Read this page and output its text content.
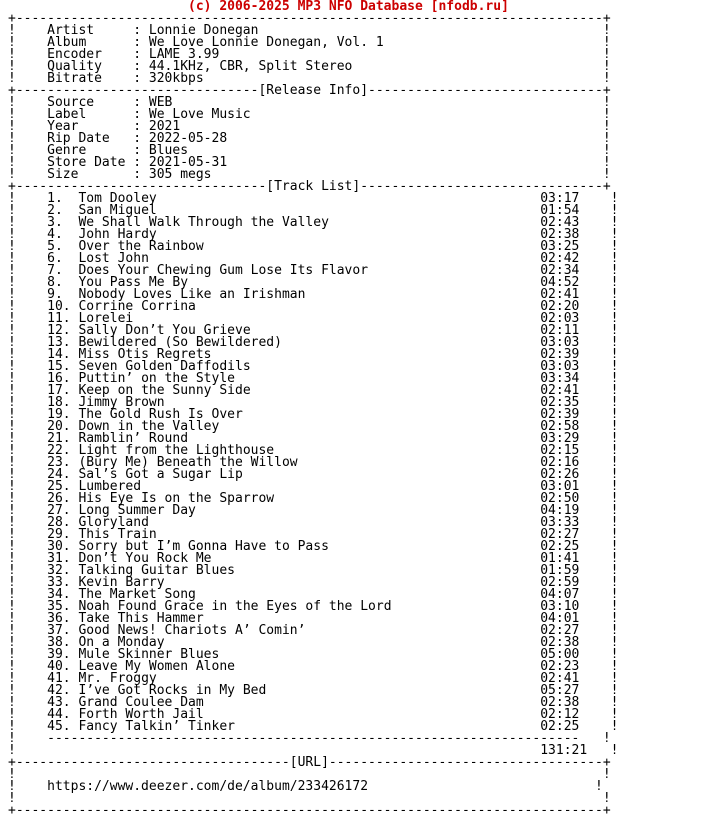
(c) 2006-2025 MP3 NFO Database [nfodb.ru]
+---------------------------------------------------------------------------+
!    Artist     : Lonnie Donegan                                            !
!    Album      : We Love Lonnie Donegan, Vol. 1                            !
!    Encoder    : LAME 3.99                                                 !
!    Quality    : 44.1KHz, CBR, Split Stereo                                !
!    Bitrate    : 320kbps                                                   !
+-------------------------------[Release Info]------------------------------+
!    Source     : WEB                                                       !
!    Label      : We Love Music                                             !
!    Year       : 2021                                                      !
!    Rip Date   : 2022-05-28                                                !
!    Genre      : Blues                                                     !
!    Store Date : 2021-05-31                                                !
!    Size       : 305 megs                                                  !
+--------------------------------[Track List]-------------------------------+
!    1.  Tom Dooley                                                 03:17    !
!    2.  San Miguel                                                 01:54    !
!    3.  We Shall Walk Through the Valley                           02:43    !
!    4.  John Hardy                                                 02:38    !
!    5.  Over the Rainbow                                           03:25    !
!    6.  Lost John                                                  02:42    !
!    7.  Does Your Chewing Gum Lose Its Flavor                      02:34    !
!    8.  You Pass Me By                                             04:52    !
!    9.  Nobody Loves Like an Irishman                              02:41    !
!    10. Corrine Corrina                                            02:20    !
!    11. Lorelei                                                    02:03    !
!    12. Sally Don’t You Grieve                                     02:11    !
!    13. Bewildered (So Bewildered)                                 03:03    !
!    14. Miss Otis Regrets                                          02:39    !
!    15. Seven Golden Daffodils                                     03:03    !
!    16. Puttin’ on the Style                                       03:34    !
!    17. Keep on the Sunny Side                                     02:41    !
!    18. Jimmy Brown                                                02:35    !
!    19. The Gold Rush Is Over                                      02:39    !
!    20. Down in the Valley                                         02:58    !
!    21. Ramblin’ Round                                             03:29    !
!    22. Light from the Lighthouse                                  02:15    !
!    23. (Bury Me) Beneath the Willow                               02:16    !
!    24. Sal’s Got a Sugar Lip                                      02:26    !
!    25. Lumbered                                                   03:01    !
!    26. His Eye Is on the Sparrow                                  02:50    !
!    27. Long Summer Day                                            04:19    !
!    28. Gloryland                                                  03:33    !
!    29. This Train                                                 02:27    !
!    30. Sorry but I’m Gonna Have to Pass                           02:25    !
!    31. Don’t You Rock Me                                          01:41    !
!    32. Talking Guitar Blues                                       01:59    !
!    33. Kevin Barry                                                02:59    !
!    34. The Market Song                                            04:07    !
!    35. Noah Found Grace in the Eyes of the Lord                   03:10    !
!    36. Take This Hammer                                           04:01    !
!    37. Good News! Chariots A’ Comin’                              02:27    !
!    38. On a Monday                                                02:38    !
!    39. Mule Skinner Blues                                         05:00    !
!    40. Leave My Women Alone                                       02:23    !
!    41. Mr. Froggy                                                 02:41    !
!    42. I’ve Got Rocks in My Bed                                   05:27    !
!    43. Grand Coulee Dam                                           02:38    !
!    44. Forth Worth Jail                                           02:12    !
!    45. Fancy Talkin’ Tinker                                       02:25    !
!    --------------------------------------------------------------------   !
!                                                                   131:21   !
+-----------------------------------[URL]-----------------------------------+
!                                                                           !
!    https://www.deezer.com/de/album/233426172                             !
!                                                                           !
+---------------------------------------------------------------------------+
